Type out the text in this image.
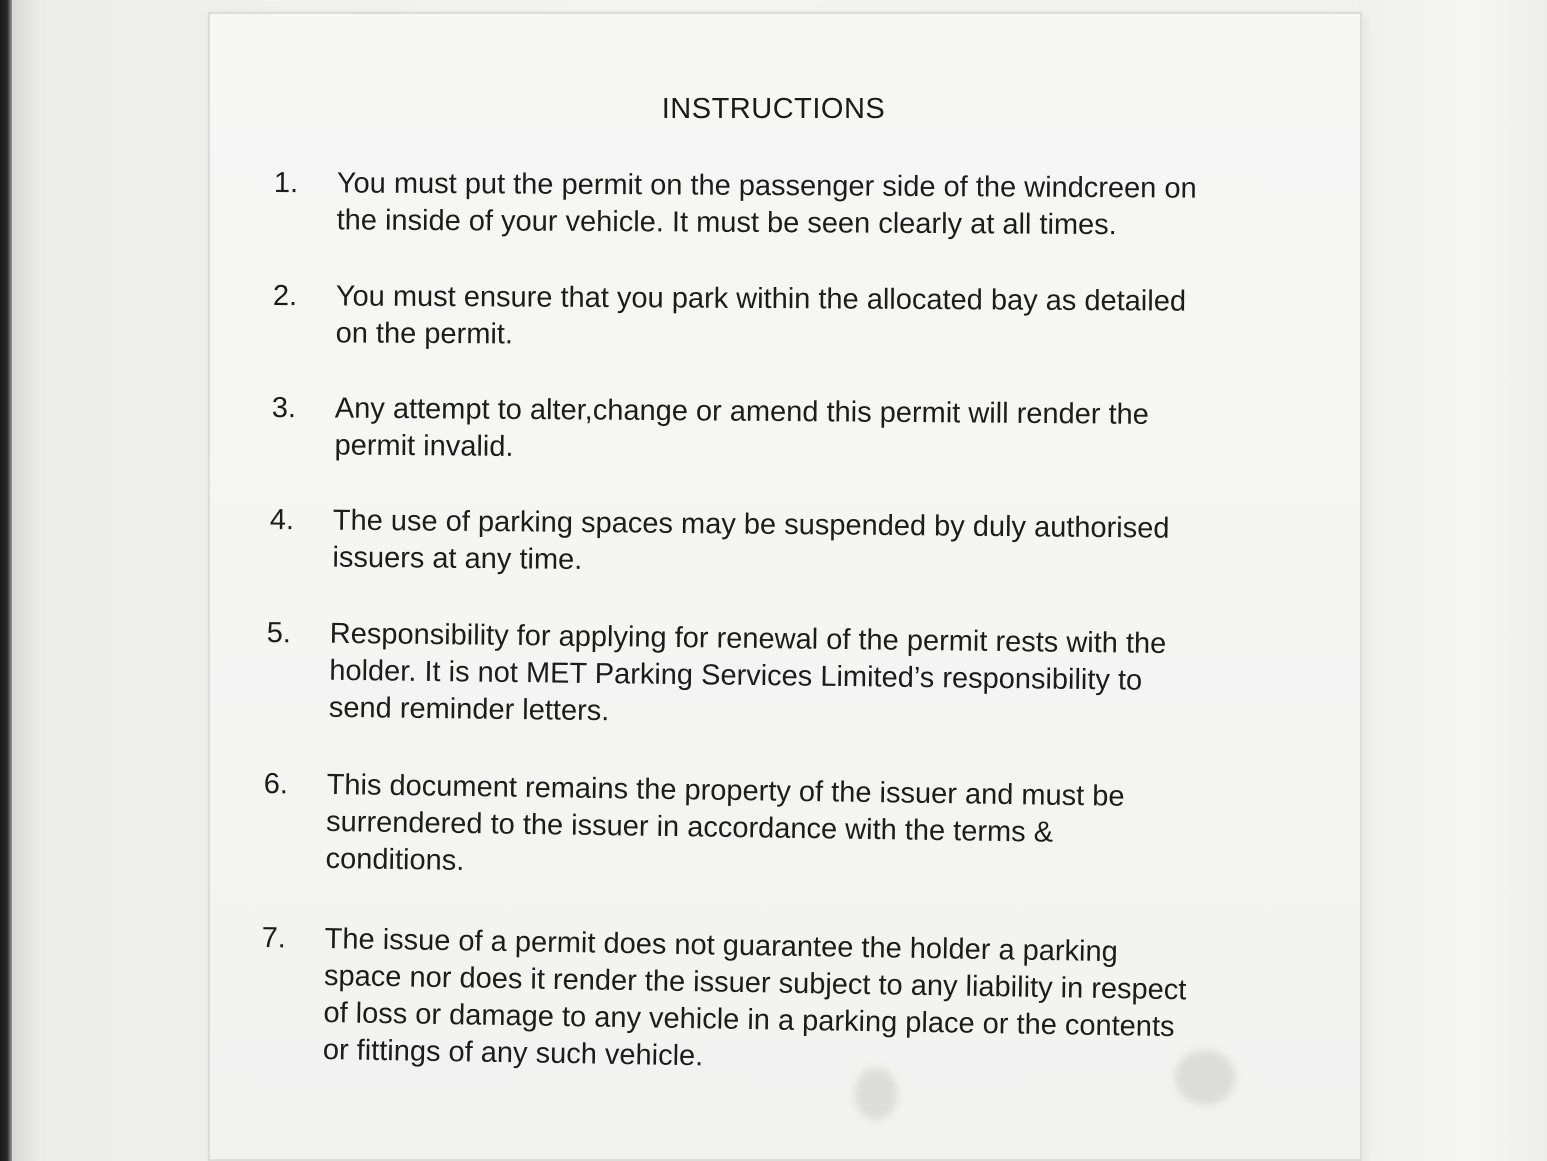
INSTRUCTIONS
1.	You must put the permit on the passenger side of the windcreen on
the inside of your vehicle. It must be seen clearly at all times.
2.	You must ensure that you park within the allocated bay as detailed
on the permit.
3.	Any attempt to alter,change or amend this permit will render the
permit invalid.
4.	The use of parking spaces may be suspended by duly authorised
issuers at any time.
5.	Responsibility for applying for renewal of the permit rests with the
holder. It is not MET Parking Services Limited’s responsibility to
send reminder letters.
6.	This document remains the property of the issuer and must be
surrendered to the issuer in accordance with the terms &
conditions.
7.	The issue of a permit does not guarantee the holder a parking
space nor does it render the issuer subject to any liability in respect
of loss or damage to any vehicle in a parking place or the contents
or fittings of any such vehicle.
